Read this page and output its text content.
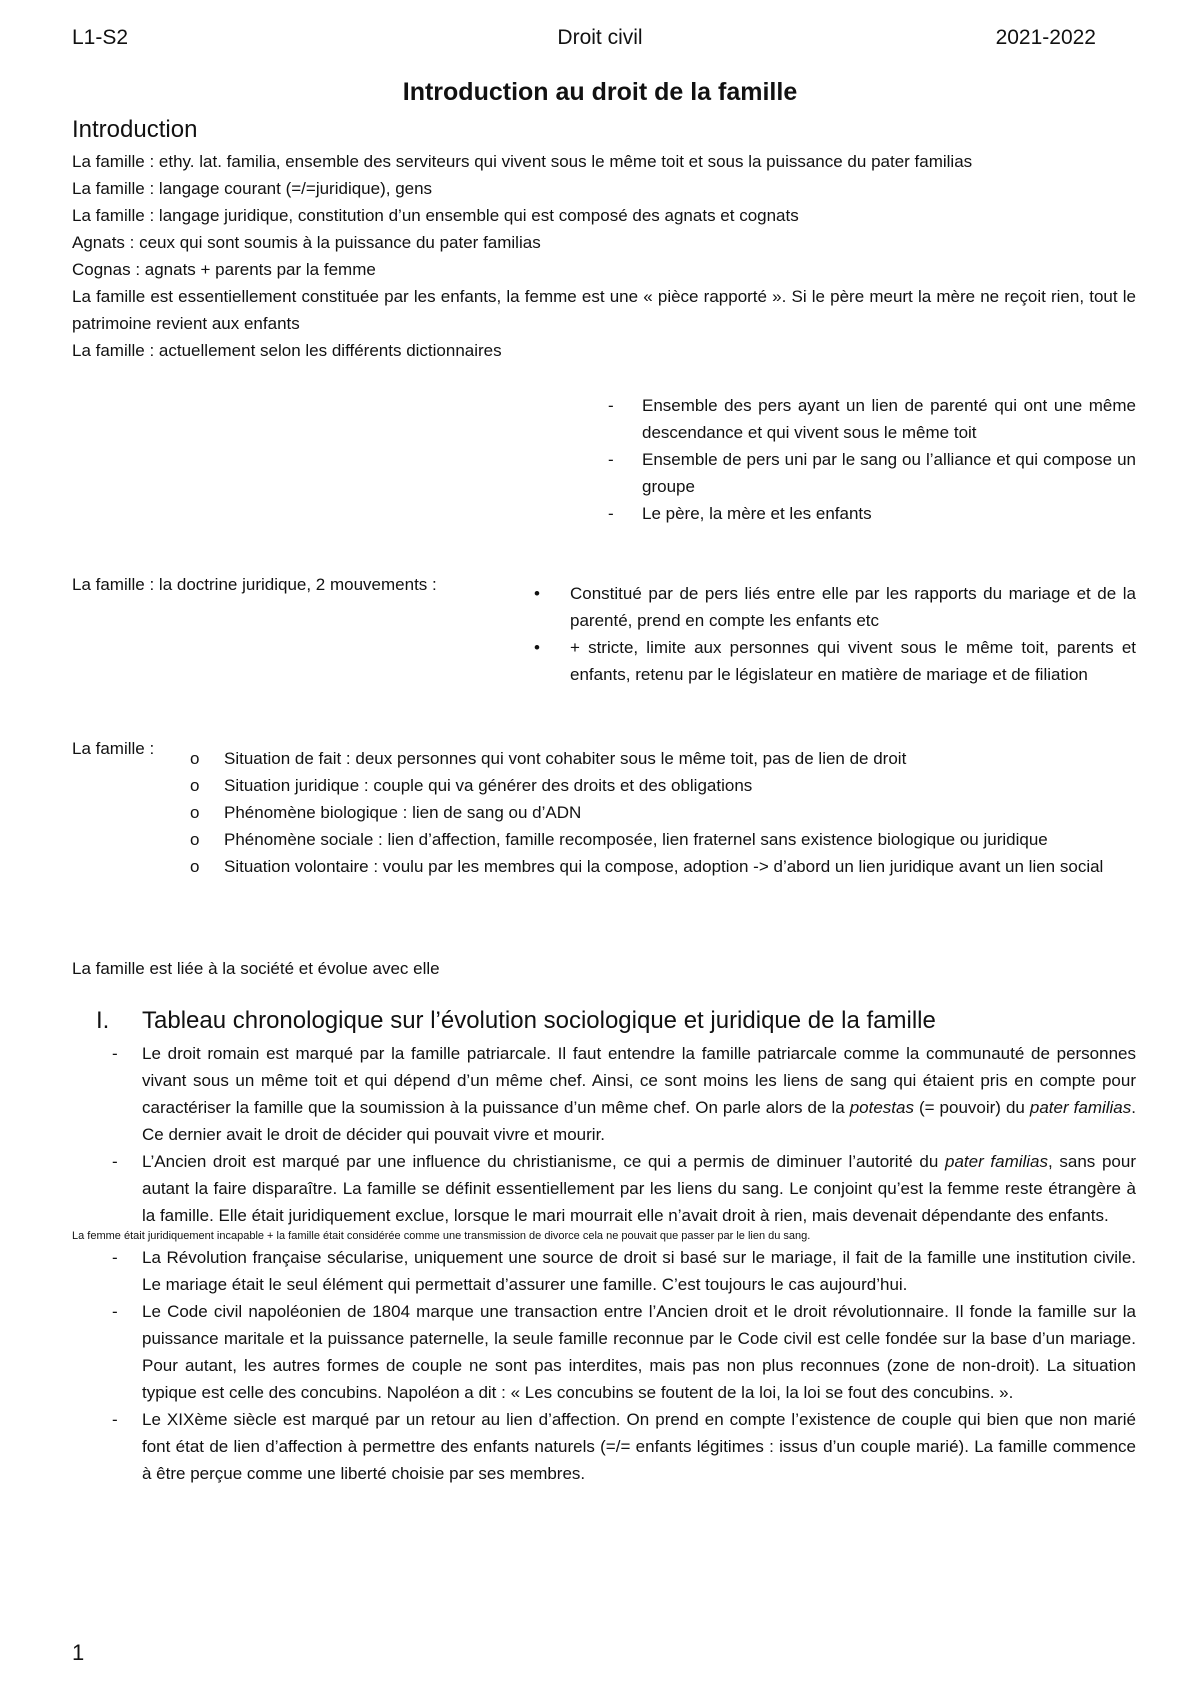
L1-S2	Droit civil	2021-2022
Introduction au droit de la famille
Introduction

La famille : ethy. lat. familia, ensemble des serviteurs qui vivent sous le même toit et sous la puissance du pater familias

La famille : langage courant (=/=juridique), gens

La famille : langage juridique, constitution d’un ensemble qui est composé des agnats et cognats

Agnats : ceux qui sont soumis à la puissance du pater familias

Cognas : agnats + parents par la femme

La famille est essentiellement constituée par les enfants, la femme est une « pièce rapporté ». Si le père meurt la mère ne reçoit rien, tout le patrimoine revient aux enfants

La famille : actuellement selon les différents dictionnaires

- Ensemble des pers ayant un lien de parenté qui ont une même descendance et qui vivent sous le même toit
- Ensemble de pers uni par le sang ou l’alliance et qui compose un groupe
- Le père, la mère et les enfants

La famille : la doctrine juridique, 2 mouvements :	• Constitué par de pers liés entre elle par les rapports du mariage et de la parenté, prend en compte les enfants etc
• + stricte, limite aux personnes qui vivent sous le même toit, parents et enfants, retenu par le législateur en matière de mariage et de filiation

La famille :

o Situation de fait : deux personnes qui vont cohabiter sous le même toit, pas de lien de droit
o Situation juridique : couple qui va générer des droits et des obligations
o Phénomène biologique : lien de sang ou d’ADN
o Phénomène sociale : lien d’affection, famille recomposée, lien fraternel sans existence biologique ou juridique
o Situation volontaire : voulu par les membres qui la compose, adoption -> d’abord un lien juridique avant un lien social

La famille est liée à la société et évolue avec elle

I. Tableau chronologique sur l’évolution sociologique et juridique de la famille

- Le droit romain est marqué par la famille patriarcale. Il faut entendre la famille patriarcale comme la communauté de personnes vivant sous un même toit et qui dépend d’un même chef. Ainsi, ce sont moins les liens de sang qui étaient pris en compte pour caractériser la famille que la soumission à la puissance d’un même chef. On parle alors de la potestas (= pouvoir) du pater familias. Ce dernier avait le droit de décider qui pouvait vivre et mourir.
- L’Ancien droit est marqué par une influence du christianisme, ce qui a permis de diminuer l’autorité du pater familias, sans pour autant la faire disparaître. La famille se définit essentiellement par les liens du sang. Le conjoint qu’est la femme reste étrangère à la famille. Elle était juridiquement exclue, lorsque le mari mourrait elle n’avait droit à rien, mais devenait dépendante des enfants.

La femme était juridiquement incapable + la famille était considérée comme une transmission de divorce cela ne pouvait que passer par le lien du sang.

- La Révolution française sécularise, uniquement une source de droit si basé sur le mariage, il fait de la famille une institution civile. Le mariage était le seul élément qui permettait d’assurer une famille. C’est toujours le cas aujourd’hui.
- Le Code civil napoléonien de 1804 marque une transaction entre l’Ancien droit et le droit révolutionnaire. Il fonde la famille sur la puissance maritale et la puissance paternelle, la seule famille reconnue par le Code civil est celle fondée sur la base d’un mariage. Pour autant, les autres formes de couple ne sont pas interdites, mais pas non plus reconnues (zone de non-droit). La situation typique est celle des concubins. Napoléon a dit : « Les concubins se foutent de la loi, la loi se fout des concubins. ».
- Le XIXème siècle est marqué par un retour au lien d’affection. On prend en compte l’existence de couple qui bien que non marié font état de lien d’affection à permettre des enfants naturels (=/= enfants légitimes : issus d’un couple marié). La famille commence à être perçue comme une liberté choisie par ses membres.
1
